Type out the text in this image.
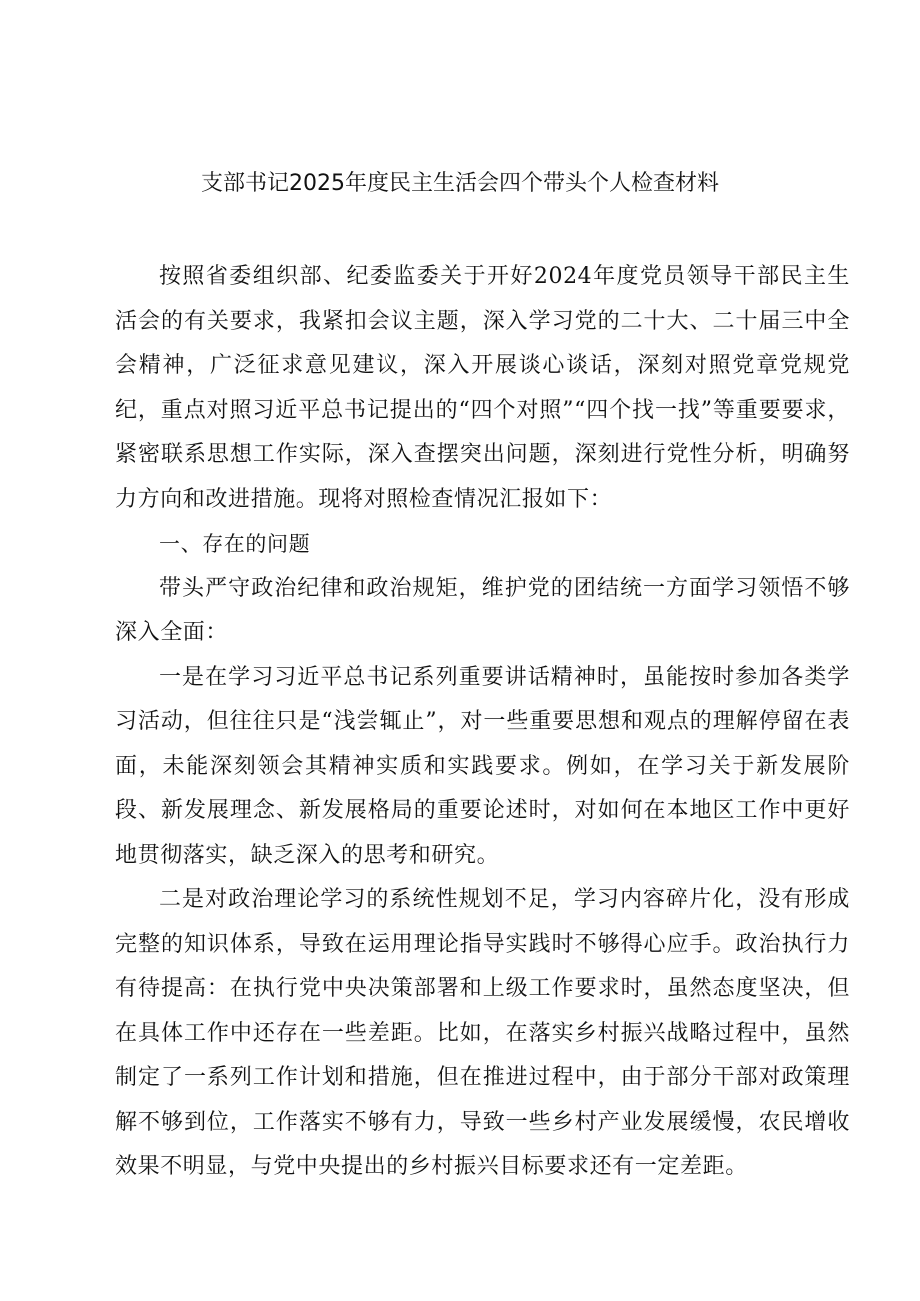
支部书记2025年度民主生活会四个带头个人检查材料

按照省委组织部、纪委监委关于开好2024年度党员领导干部民主生活会的有关要求，我紧扣会议主题，深入学习党的二十大、二十届三中全会精神，广泛征求意见建议，深入开展谈心谈话，深刻对照党章党规党纪，重点对照习近平总书记提出的“四个对照”“四个找一找”等重要要求，紧密联系思想工作实际，深入查摆突出问题，深刻进行党性分析，明确努力方向和改进措施。现将对照检查情况汇报如下：

一、存在的问题

带头严守政治纪律和政治规矩，维护党的团结统一方面学习领悟不够深入全面：

一是在学习习近平总书记系列重要讲话精神时，虽能按时参加各类学习活动，但往往只是“浅尝辄止”，对一些重要思想和观点的理解停留在表面，未能深刻领会其精神实质和实践要求。例如，在学习关于新发展阶段、新发展理念、新发展格局的重要论述时，对如何在本地区工作中更好地贯彻落实，缺乏深入的思考和研究。

二是对政治理论学习的系统性规划不足，学习内容碎片化，没有形成完整的知识体系，导致在运用理论指导实践时不够得心应手。政治执行力有待提高：在执行党中央决策部署和上级工作要求时，虽然态度坚决，但在具体工作中还存在一些差距。比如，在落实乡村振兴战略过程中，虽然制定了一系列工作计划和措施，但在推进过程中，由于部分干部对政策理解不够到位，工作落实不够有力，导致一些乡村产业发展缓慢，农民增收效果不明显，与党中央提出的乡村振兴目标要求还有一定差距。
